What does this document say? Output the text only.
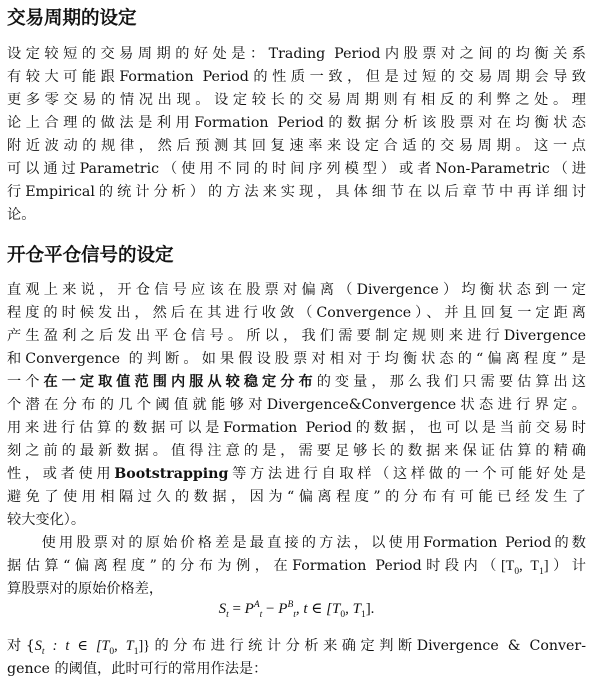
交易周期的设定
设定较短的交易周期的好处是：Trading Period内股票对之间的均衡关系
有较大可能跟Formation Period的性质一致，但是过短的交易周期会导致
更多零交易的情况出现。设定较长的交易周期则有相反的利弊之处。理
论上合理的做法是利用Formation Period的数据分析该股票对在均衡状态
附近波动的规律，然后预测其回复速率来设定合适的交易周期。这一点
可以通过Parametric（使用不同的时间序列模型）或者Non-Parametric（进
行Empirical的统计分析）的方法来实现，具体细节在以后章节中再详细讨
论。
开仓平仓信号的设定
直观上来说，开仓信号应该在股票对偏离（Divergence）均衡状态到一定
程度的时候发出，然后在其进行收敛（Convergence）、并且回复一定距离
产生盈利之后发出平仓信号。所以，我们需要制定规则来进行Divergence
和Convergence 的判断。如果假设股票对相对于均衡状态的“偏离程度”是
一个在一定取值范围内服从较稳定分布的变量，那么我们只需要估算出这
个潜在分布的几个阈值就能够对Divergence&Convergence状态进行界定。
用来进行估算的数据可以是Formation Period的数据，也可以是当前交易时
刻之前的最新数据。值得注意的是，需要足够长的数据来保证估算的精确
性，或者使用Bootstrapping等方法进行自取样（这样做的一个可能好处是
避免了使用相隔过久的数据，因为“偏离程度”的分布有可能已经发生了
较大变化）。
　　使用股票对的原始价格差是最直接的方法，以使用Formation Period的数
据估算“偏离程度”的分布为例，在Formation Period时段内（[$T_0$, $T_1$]）计
算股票对的原始价格差，
$S_t = P^A_t - P^B_t$, t ∈ [$T_0$, $T_1$].
对{$S_t$ : t ∈ [$T_0$, $T_1$]}的分布进行统计分析来确定判断Divergence & Conver-
gence 的阈值，此时可行的常用作法是：
